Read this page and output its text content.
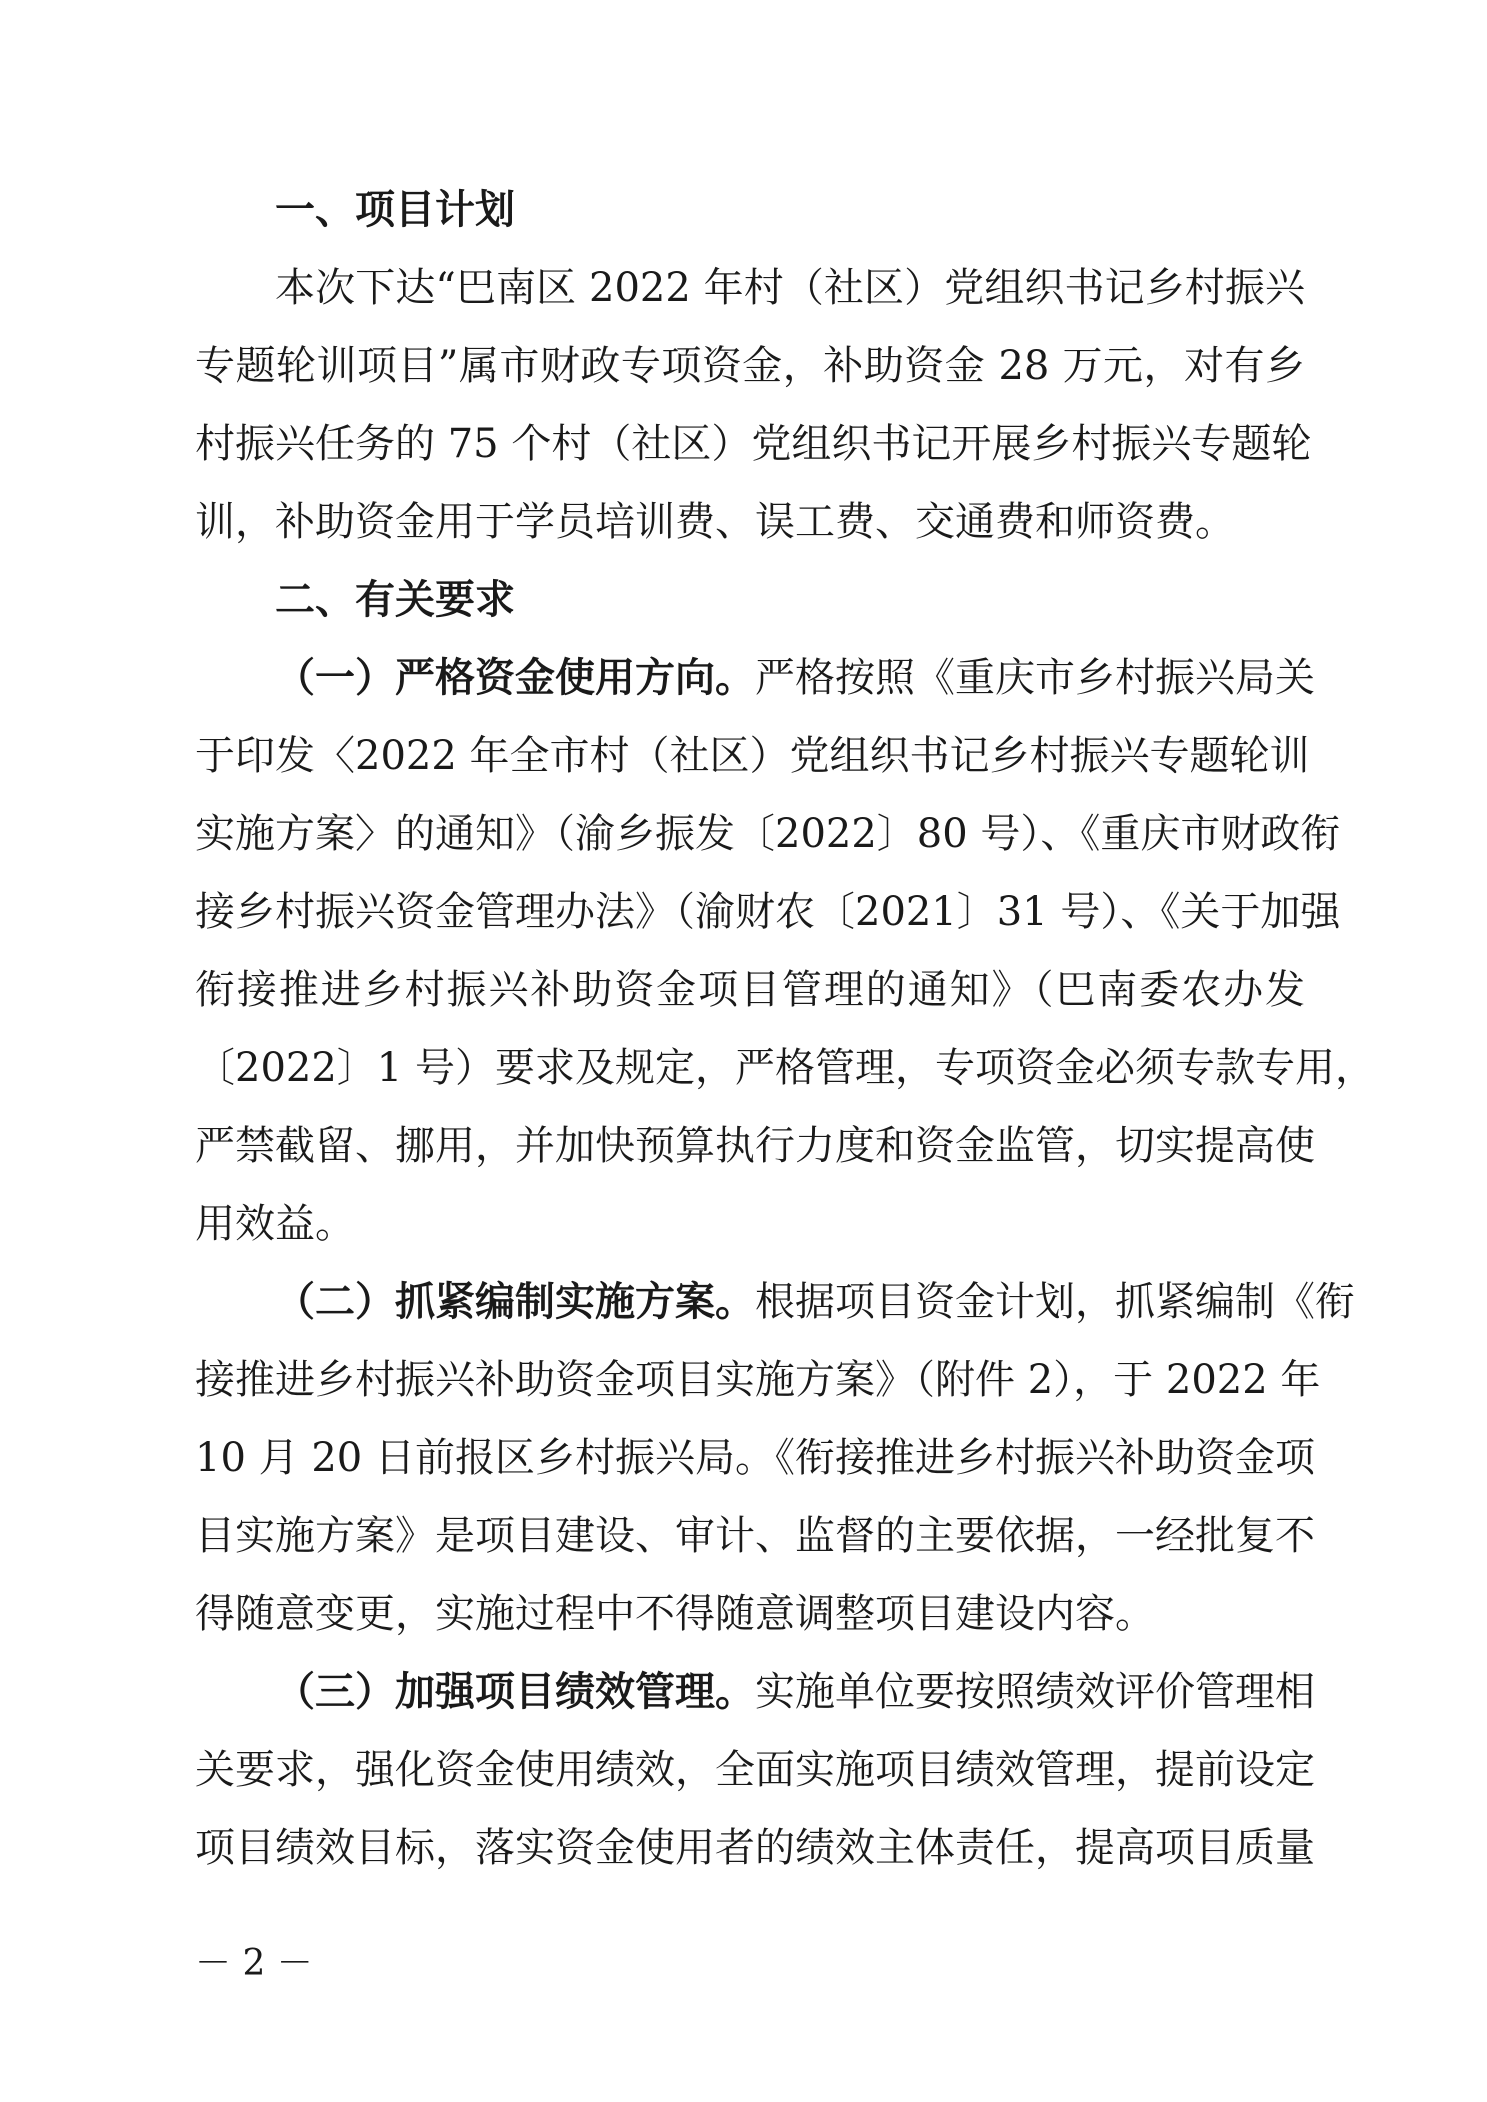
一、项目计划
本次下达“巴南区 2022 年村（社区）党组织书记乡村振兴
专题轮训项目”属市财政专项资金，补助资金 28 万元，对有乡
村振兴任务的 75 个村（社区）党组织书记开展乡村振兴专题轮
训，补助资金用于学员培训费、误工费、交通费和师资费。
二、有关要求
（一）严格资金使用方向。严格按照《重庆市乡村振兴局关
于印发〈2022 年全市村（社区）党组织书记乡村振兴专题轮训
实施方案〉的通知》（渝乡振发〔2022〕80 号）、《重庆市财政衔
接乡村振兴资金管理办法》（渝财农〔2021〕31 号）、《关于加强
衔接推进乡村振兴补助资金项目管理的通知》（巴南委农办发
〔2022〕1 号）要求及规定，严格管理，专项资金必须专款专用，
严禁截留、挪用，并加快预算执行力度和资金监管，切实提高使
用效益。
（二）抓紧编制实施方案。根据项目资金计划，抓紧编制《衔
接推进乡村振兴补助资金项目实施方案》（附件 2），于 2022 年
10 月 20 日前报区乡村振兴局。《衔接推进乡村振兴补助资金项
目实施方案》是项目建设、审计、监督的主要依据，一经批复不
得随意变更，实施过程中不得随意调整项目建设内容。
（三）加强项目绩效管理。实施单位要按照绩效评价管理相
关要求，强化资金使用绩效，全面实施项目绩效管理，提前设定
项目绩效目标，落实资金使用者的绩效主体责任，提高项目质量
－ 2 －
